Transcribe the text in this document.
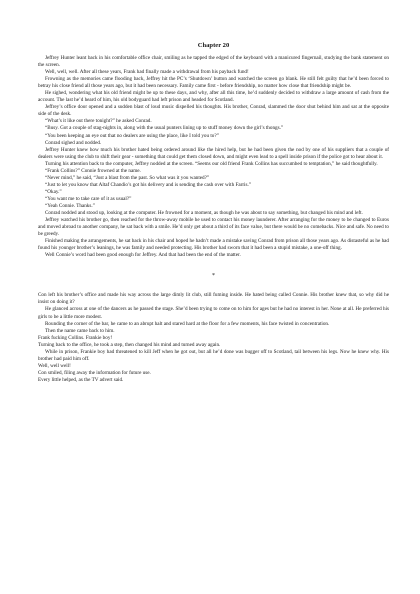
Chapter 20

Jeffrey Hunter leant back in his comfortable office chair, smiling as he tapped the edged of the keyboard with a manicured fingernail, studying the bank statement on the screen.

Well, well, well. After all these years, Frank had finally made a withdrawal from his payback fund!

Frowning as the memories came flooding back, Jeffrey hit the PC’s ‘Shutdown’ button and watched the screen go blank. He still felt guilty that he’d been forced to betray his close friend all those years ago, but it had been necessary. Family came first - before friendship, no matter how close that friendship might be.

He sighed, wondering what his old friend might be up to these days, and why, after all this time, he’d suddenly decided to withdraw a large amount of cash from the account. The last he’d heard of him, his old bodyguard had left prison and headed for Scotland.

Jeffrey’s office door opened and a sudden blast of loud music dispelled his thoughts. His brother, Conrad, slammed the door shut behind him and sat at the opposite side of the desk.

“What’s it like out there tonight?” he asked Conrad.

“Busy. Got a couple of stag-nights in, along with the usual punters lining up to stuff money down the girl’s thongs.”

“You been keeping an eye out that no dealers are using the place, like I told you to?”

Conrad sighed and nodded.

Jeffrey Hunter knew how much his brother hated being ordered around like the hired help, but he had been given the nod by one of his suppliers that a couple of dealers were using the club to shift their gear - something that could get them closed down, and might even lead to a spell inside prison if the police got to hear about it.

Turning his attention back to the computer, Jeffrey nodded at the screen. “Seems our old friend Frank Collins has succumbed to temptation,” he said thoughtfully.

“Frank Collins?” Connie frowned at the name.

“Never mind,” he said, “Just a blast from the past. So what was it you wanted?”

“Just to let you know that Altaf Chandio’s got his delivery and is sending the cash over with Farris.”

“Okay.”

“You want me to take care of it as usual?”

“Yeah Connie. Thanks.”

Conrad nodded and stood up, looking at the computer. He frowned for a moment, as though he was about to say something, but changed his mind and left.

Jeffrey watched his brother go, then reached for the throw-away mobile he used to contact his money launderer. After arranging for the money to be changed to Euros and moved abroad to another company, he sat back with a smile. He’d only get about a third of its face value, but there would be no comebacks. Nice and safe. No need to be greedy.

Finished making the arrangements, he sat back in his chair and hoped he hadn’t made a mistake saving Conrad from prison all those years ago. As distasteful as he had found his younger brother’s leanings, he was family and needed protecting. His brother had sworn that it had been a stupid mistake, a one-off thing.

Well Connie’s word had been good enough for Jeffrey. And that had been the end of the matter.

*

Con left his brother’s office and made his way across the large dimly lit club, still fuming inside. He hated being called Connie. His brother knew that, so why did he insist on doing it?

He glanced across at one of the dancers as he passed the stage. She’d been trying to come on to him for ages but he had no interest in her. None at all. He preferred his girls to be a little more modest.

Rounding the corner of the bar, he came to an abrupt halt and stared hard at the floor for a few moments, his face twisted in concentration.

Then the name came back to him.

Frank fucking Collins. Frankie boy!

Turning back to the office, he took a step, then changed his mind and turned away again.

While in prison, Frankie boy had threatened to kill Jeff when he got out, but all he’d done was bugger off to Scotland, tail between his legs. Now he knew why. His brother had paid him off.

Well, well well!

Con smiled, filing away the information for future use.

Every little helped, as the TV advert said.
